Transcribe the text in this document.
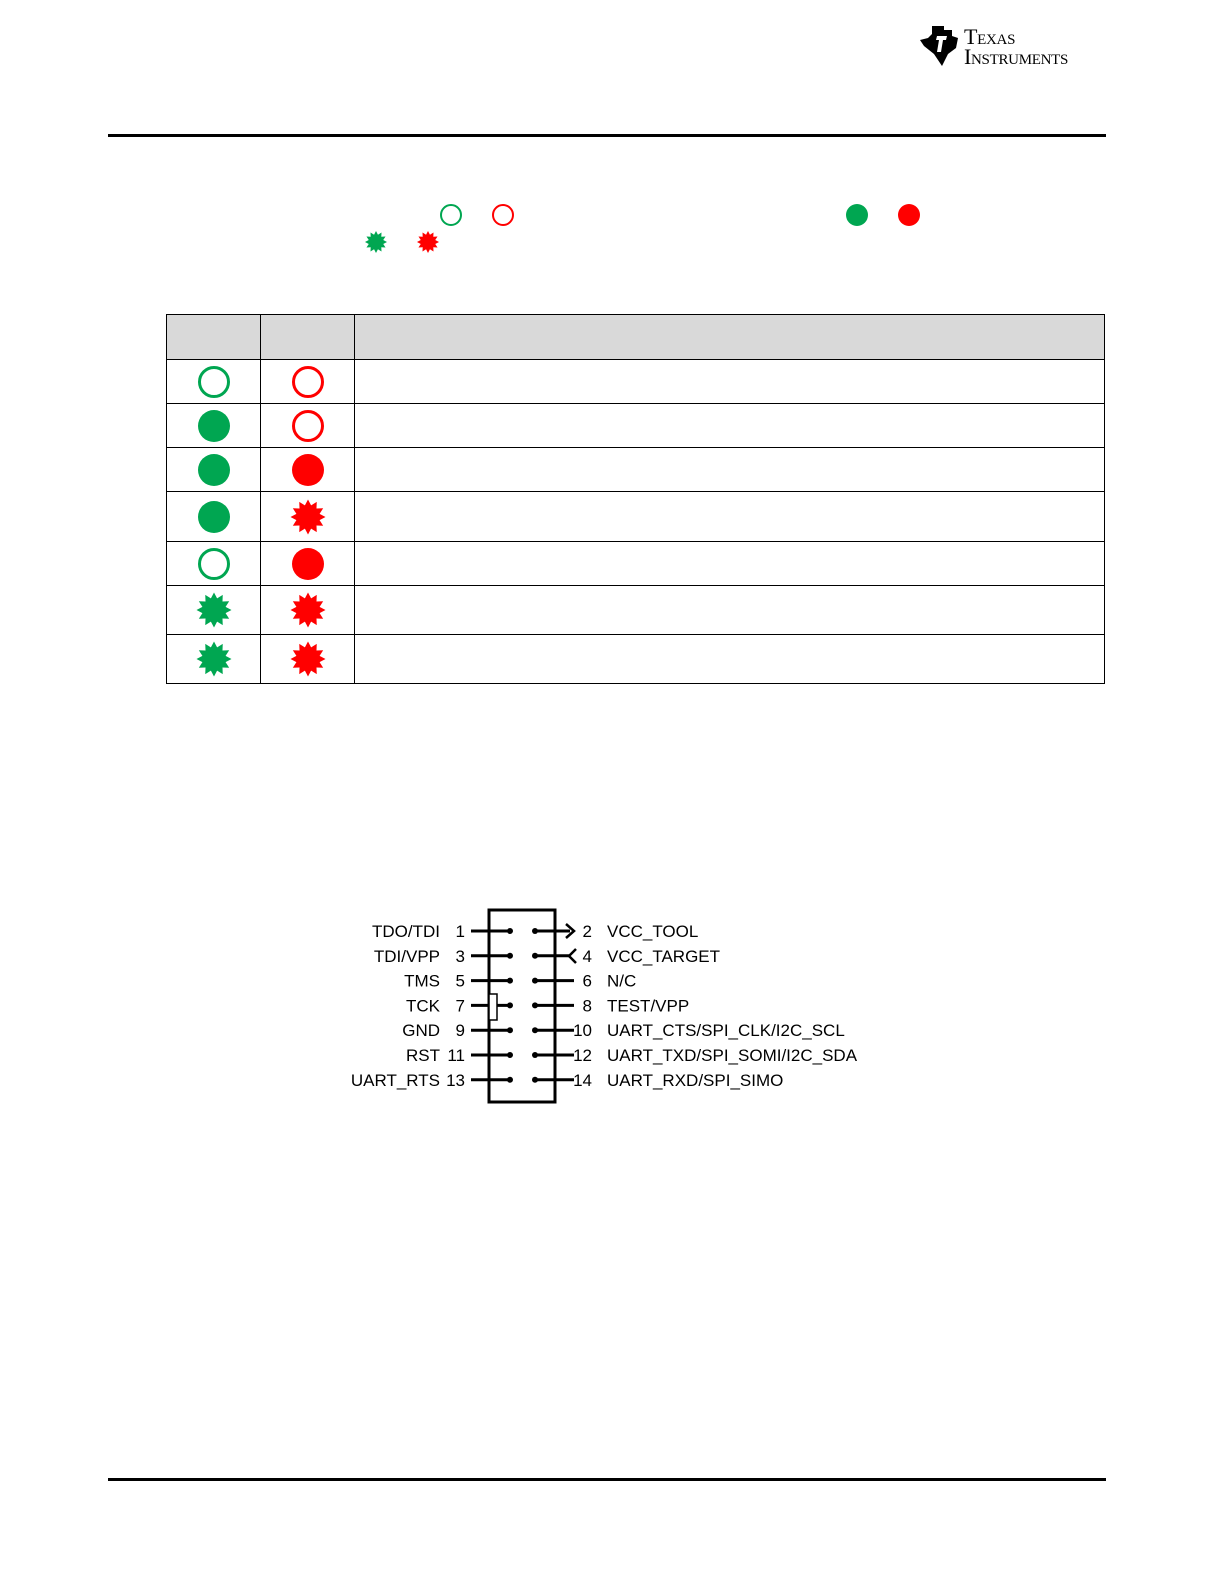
Texas
Instruments

1
TDO/TDI
3
TDI/VPP
5
TMS
7
TCK
9
GND
11
RST
13
UART_RTS
2 VCC_TOOL
4 VCC_TARGET
6 N/C
8 TEST/VPP
10 UART_CTS/SPI_CLK/I2C_SCL
12 UART_TXD/SPI_SOMI/I2C_SDA
14 UART_RXD/SPI_SIMO
